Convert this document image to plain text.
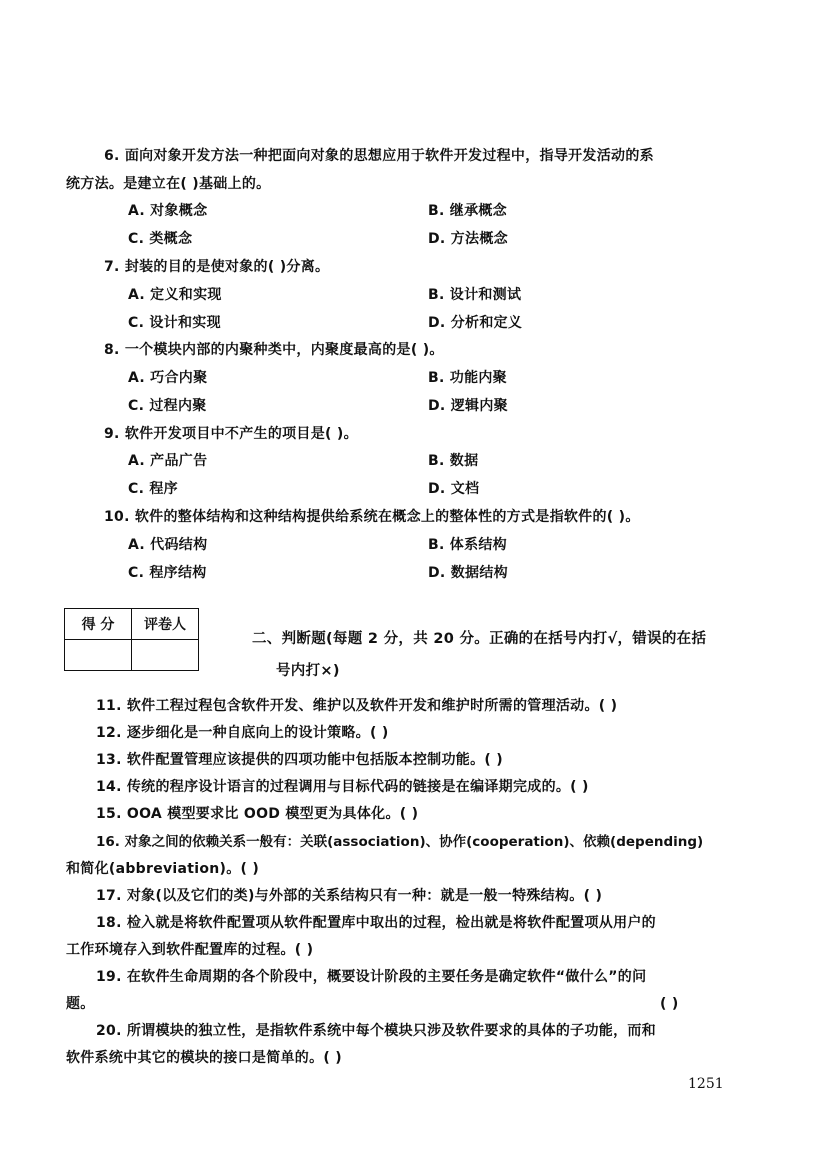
6. 面向对象开发方法一种把面向对象的思想应用于软件开发过程中，指导开发活动的系
统方法。是建立在( )基础上的。
A. 对象概念	B. 继承概念
C. 类概念	D. 方法概念
7. 封装的目的是使对象的( )分离。
A. 定义和实现	B. 设计和测试
C. 设计和实现	D. 分析和定义
8. 一个模块内部的内聚种类中，内聚度最高的是( )。
A. 巧合内聚	B. 功能内聚
C. 过程内聚	D. 逻辑内聚
9. 软件开发项目中不产生的项目是( )。
A. 产品广告	B. 数据
C. 程序	D. 文档
10. 软件的整体结构和这种结构提供给系统在概念上的整体性的方式是指软件的( )。
A. 代码结构	B. 体系结构
C. 程序结构	D. 数据结构
得 分	评卷人

二、判断题(每题 2 分，共 20 分。正确的在括号内打√，错误的在括
号内打×)
11. 软件工程过程包含软件开发、维护以及软件开发和维护时所需的管理活动。( )
12. 逐步细化是一种自底向上的设计策略。( )
13. 软件配置管理应该提供的四项功能中包括版本控制功能。( )
14. 传统的程序设计语言的过程调用与目标代码的链接是在编译期完成的。( )
15. OOA 模型要求比 OOD 模型更为具体化。( )
16. 对象之间的依赖关系一般有：关联(association)、协作(cooperation)、依赖(depending)
和简化(abbreviation)。( )
17. 对象(以及它们的类)与外部的关系结构只有一种：就是一般一特殊结构。( )
18. 检入就是将软件配置项从软件配置库中取出的过程，检出就是将软件配置项从用户的
工作环境存入到软件配置库的过程。( )
19. 在软件生命周期的各个阶段中，概要设计阶段的主要任务是确定软件“做什么”的问
题。	( )
20. 所谓模块的独立性，是指软件系统中每个模块只涉及软件要求的具体的子功能，而和
软件系统中其它的模块的接口是简单的。( )
1251
